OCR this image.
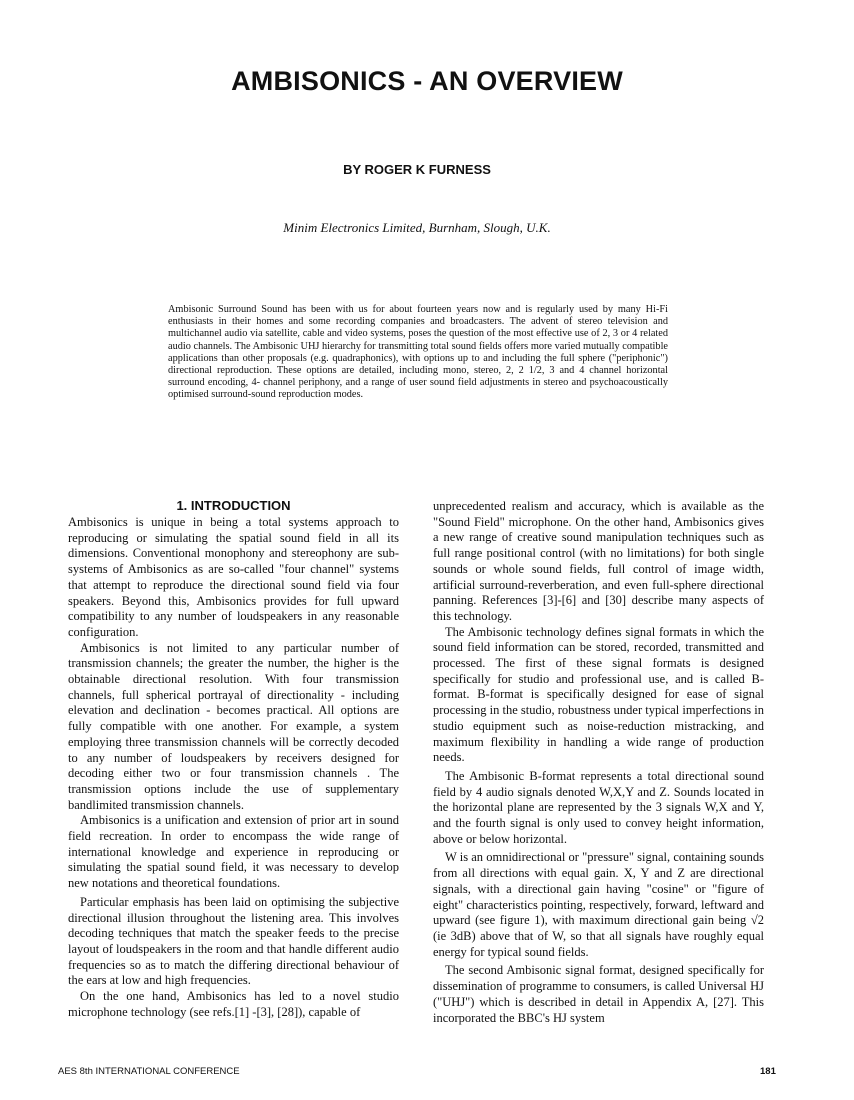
AMBISONICS - AN OVERVIEW

BY ROGER K FURNESS

Minim Electronics Limited, Burnham, Slough, U.K.

Ambisonic Surround Sound has been with us for about fourteen years now and is regularly used by many Hi-Fi enthusiasts in their homes and some recording companies and broadcasters. The advent of stereo television and multichannel audio via satellite, cable and video systems, poses the question of the most effective use of 2, 3 or 4 related audio channels. The Ambisonic UHJ hierarchy for transmitting total sound fields offers more varied mutually compatible applications than other proposals (e.g. quadraphonics), with options up to and including the full sphere ("periphonic") directional reproduction. These options are detailed, including mono, stereo, 2, 2 1/2, 3 and 4 channel horizontal surround encoding, 4- channel periphony, and a range of user sound field adjustments in stereo and psychoacoustically optimised surround-sound reproduction modes.

1. INTRODUCTION

Ambisonics is unique in being a total systems approach to reproducing or simulating the spatial sound field in all its dimensions. Conventional monophony and stereophony are sub-systems of Ambisonics as are so-called "four channel" systems that attempt to reproduce the directional sound field via four speakers. Beyond this, Ambisonics provides for full upward compatibility to any number of loudspeakers in any reasonable configuration.

Ambisonics is not limited to any particular number of transmission channels; the greater the number, the higher is the obtainable directional resolution. With four transmission channels, full spherical portrayal of directionality - including elevation and declination - becomes practical. All options are fully compatible with one another. For example, a system employing three transmission channels will be correctly decoded to any number of loudspeakers by receivers designed for decoding either two or four transmission channels . The transmission options include the use of supplementary bandlimited transmission channels.

Ambisonics is a unification and extension of prior art in sound field recreation. In order to encompass the wide range of international knowledge and experience in reproducing or simulating the spatial sound field, it was necessary to develop new notations and theoretical foundations.

Particular emphasis has been laid on optimising the subjective directional illusion throughout the listening area. This involves decoding techniques that match the speaker feeds to the precise layout of loudspeakers in the room and that handle different audio frequencies so as to match the differing directional behaviour of the ears at low and high frequencies.

On the one hand, Ambisonics has led to a novel studio microphone technology (see refs.[1] -[3], [28]), capable of

unprecedented realism and accuracy, which is available as the "Sound Field" microphone. On the other hand, Ambisonics gives a new range of creative sound manipulation techniques such as full range positional control (with no limitations) for both single sounds or whole sound fields, full control of image width, artificial surround-reverberation, and even full-sphere directional panning. References [3]-[6] and [30] describe many aspects of this technology.

The Ambisonic technology defines signal formats in which the sound field information can be stored, recorded, transmitted and processed. The first of these signal formats is designed specifically for studio and professional use, and is called B-format. B-format is specifically designed for ease of signal processing in the studio, robustness under typical imperfections in studio equipment such as noise-reduction mistracking, and maximum flexibility in handling a wide range of production needs.

The Ambisonic B-format represents a total directional sound field by 4 audio signals denoted W,X,Y and Z. Sounds located in the horizontal plane are represented by the 3 signals W,X and Y, and the fourth signal is only used to convey height information, above or below horizontal.

W is an omnidirectional or "pressure" signal, containing sounds from all directions with equal gain. X, Y and Z are directional signals, with a directional gain having "cosine" or "figure of eight" characteristics pointing, respectively, forward, leftward and upward (see figure 1), with maximum directional gain being √2 (ie 3dB) above that of W, so that all signals have roughly equal energy for typical sound fields.

The second Ambisonic signal format, designed specifically for dissemination of programme to consumers, is called Universal HJ ("UHJ") which is described in detail in Appendix A, [27]. This incorporated the BBC's HJ system

AES 8th INTERNATIONAL CONFERENCE	181
